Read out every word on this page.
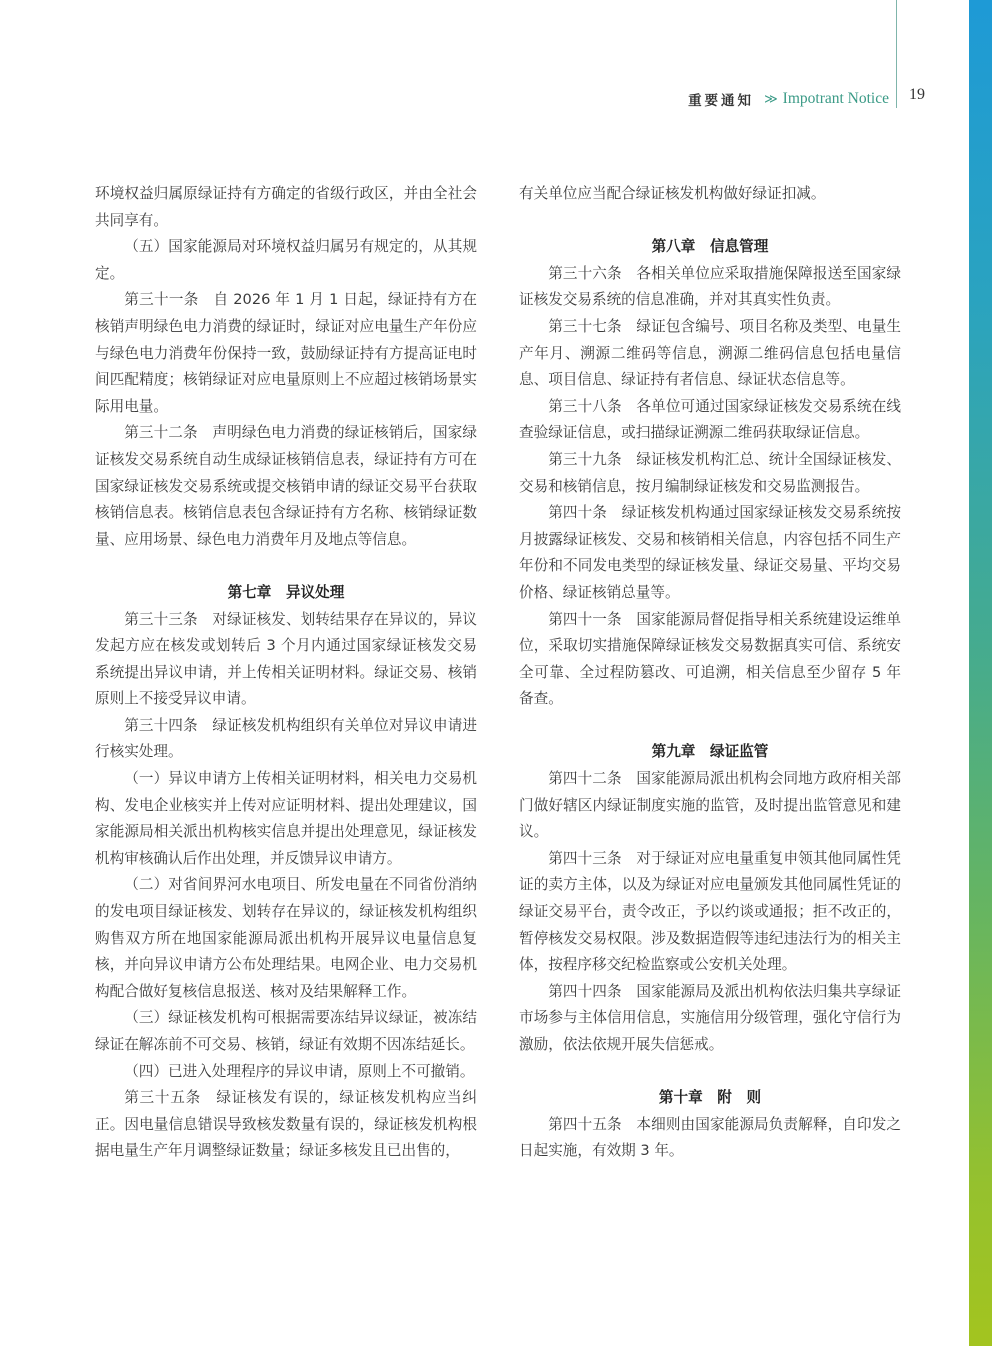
重要通知 ≫ Impotrant Notice 19

环境权益归属原绿证持有方确定的省级行政区，并由全社会共同享有。

（五）国家能源局对环境权益归属另有规定的，从其规定。

第三十一条　自 2026 年 1 月 1 日起，绿证持有方在核销声明绿色电力消费的绿证时，绿证对应电量生产年份应与绿色电力消费年份保持一致，鼓励绿证持有方提高证电时间匹配精度；核销绿证对应电量原则上不应超过核销场景实际用电量。

第三十二条　声明绿色电力消费的绿证核销后，国家绿证核发交易系统自动生成绿证核销信息表，绿证持有方可在国家绿证核发交易系统或提交核销申请的绿证交易平台获取核销信息表。核销信息表包含绿证持有方名称、核销绿证数量、应用场景、绿色电力消费年月及地点等信息。

第七章　异议处理

第三十三条　对绿证核发、划转结果存在异议的，异议发起方应在核发或划转后 3 个月内通过国家绿证核发交易系统提出异议申请，并上传相关证明材料。绿证交易、核销原则上不接受异议申请。

第三十四条　绿证核发机构组织有关单位对异议申请进行核实处理。

（一）异议申请方上传相关证明材料，相关电力交易机构、发电企业核实并上传对应证明材料、提出处理建议，国家能源局相关派出机构核实信息并提出处理意见，绿证核发机构审核确认后作出处理，并反馈异议申请方。

（二）对省间界河水电项目、所发电量在不同省份消纳的发电项目绿证核发、划转存在异议的，绿证核发机构组织购售双方所在地国家能源局派出机构开展异议电量信息复核，并向异议申请方公布处理结果。电网企业、电力交易机构配合做好复核信息报送、核对及结果解释工作。

（三）绿证核发机构可根据需要冻结异议绿证，被冻结绿证在解冻前不可交易、核销，绿证有效期不因冻结延长。

（四）已进入处理程序的异议申请，原则上不可撤销。

第三十五条　绿证核发有误的，绿证核发机构应当纠正。因电量信息错误导致核发数量有误的，绿证核发机构根据电量生产年月调整绿证数量；绿证多核发且已出售的，

有关单位应当配合绿证核发机构做好绿证扣减。

第八章　信息管理

第三十六条　各相关单位应采取措施保障报送至国家绿证核发交易系统的信息准确，并对其真实性负责。

第三十七条　绿证包含编号、项目名称及类型、电量生产年月、溯源二维码等信息，溯源二维码信息包括电量信息、项目信息、绿证持有者信息、绿证状态信息等。

第三十八条　各单位可通过国家绿证核发交易系统在线查验绿证信息，或扫描绿证溯源二维码获取绿证信息。

第三十九条　绿证核发机构汇总、统计全国绿证核发、交易和核销信息，按月编制绿证核发和交易监测报告。

第四十条　绿证核发机构通过国家绿证核发交易系统按月披露绿证核发、交易和核销相关信息，内容包括不同生产年份和不同发电类型的绿证核发量、绿证交易量、平均交易价格、绿证核销总量等。

第四十一条　国家能源局督促指导相关系统建设运维单位，采取切实措施保障绿证核发交易数据真实可信、系统安全可靠、全过程防篡改、可追溯，相关信息至少留存 5 年备查。

第九章　绿证监管

第四十二条　国家能源局派出机构会同地方政府相关部门做好辖区内绿证制度实施的监管，及时提出监管意见和建议。

第四十三条　对于绿证对应电量重复申领其他同属性凭证的卖方主体，以及为绿证对应电量颁发其他同属性凭证的绿证交易平台，责令改正，予以约谈或通报；拒不改正的，暂停核发交易权限。涉及数据造假等违纪违法行为的相关主体，按程序移交纪检监察或公安机关处理。

第四十四条　国家能源局及派出机构依法归集共享绿证市场参与主体信用信息，实施信用分级管理，强化守信行为激励，依法依规开展失信惩戒。

第十章　附　则

第四十五条　本细则由国家能源局负责解释，自印发之日起实施，有效期 3 年。
